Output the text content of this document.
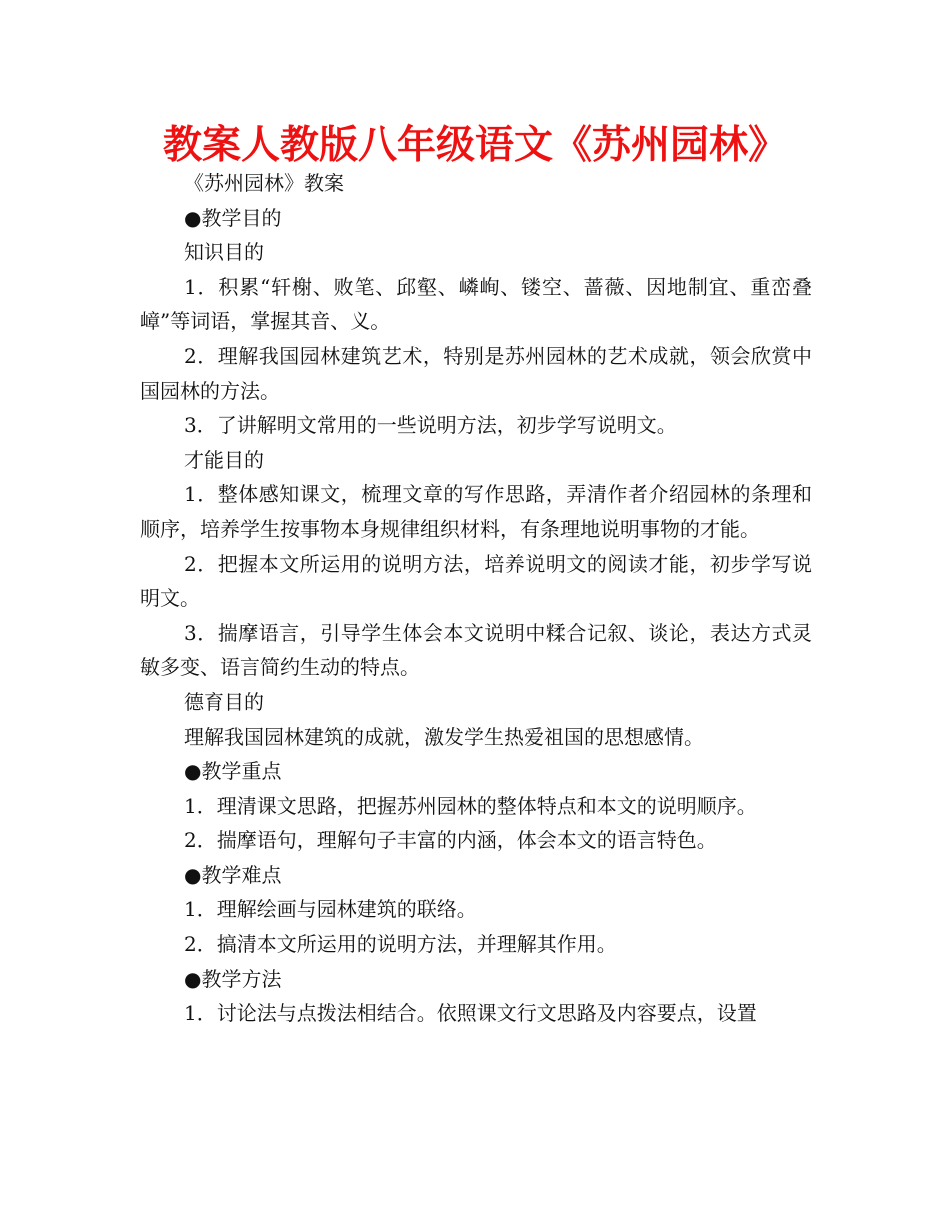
教案人教版八年级语文《苏州园林》

《苏州园林》教案

●教学目的

知识目的

1．积累“轩榭、败笔、邱壑、嶙峋、镂空、蔷薇、因地制宜、重峦叠嶂”等词语，掌握其音、义。

2．理解我国园林建筑艺术，特别是苏州园林的艺术成就，领会欣赏中国园林的方法。

3．了讲解明文常用的一些说明方法，初步学写说明文。

才能目的

1．整体感知课文，梳理文章的写作思路，弄清作者介绍园林的条理和顺序，培养学生按事物本身规律组织材料，有条理地说明事物的才能。

2．把握本文所运用的说明方法，培养说明文的阅读才能，初步学写说明文。

3．揣摩语言，引导学生体会本文说明中糅合记叙、谈论，表达方式灵敏多变、语言简约生动的特点。

德育目的

理解我国园林建筑的成就，激发学生热爱祖国的思想感情。

●教学重点

1．理清课文思路，把握苏州园林的整体特点和本文的说明顺序。

2．揣摩语句，理解句子丰富的内涵，体会本文的语言特色。

●教学难点

1．理解绘画与园林建筑的联络。

2．搞清本文所运用的说明方法，并理解其作用。

●教学方法

1．讨论法与点拨法相结合。依照课文行文思路及内容要点，设置
